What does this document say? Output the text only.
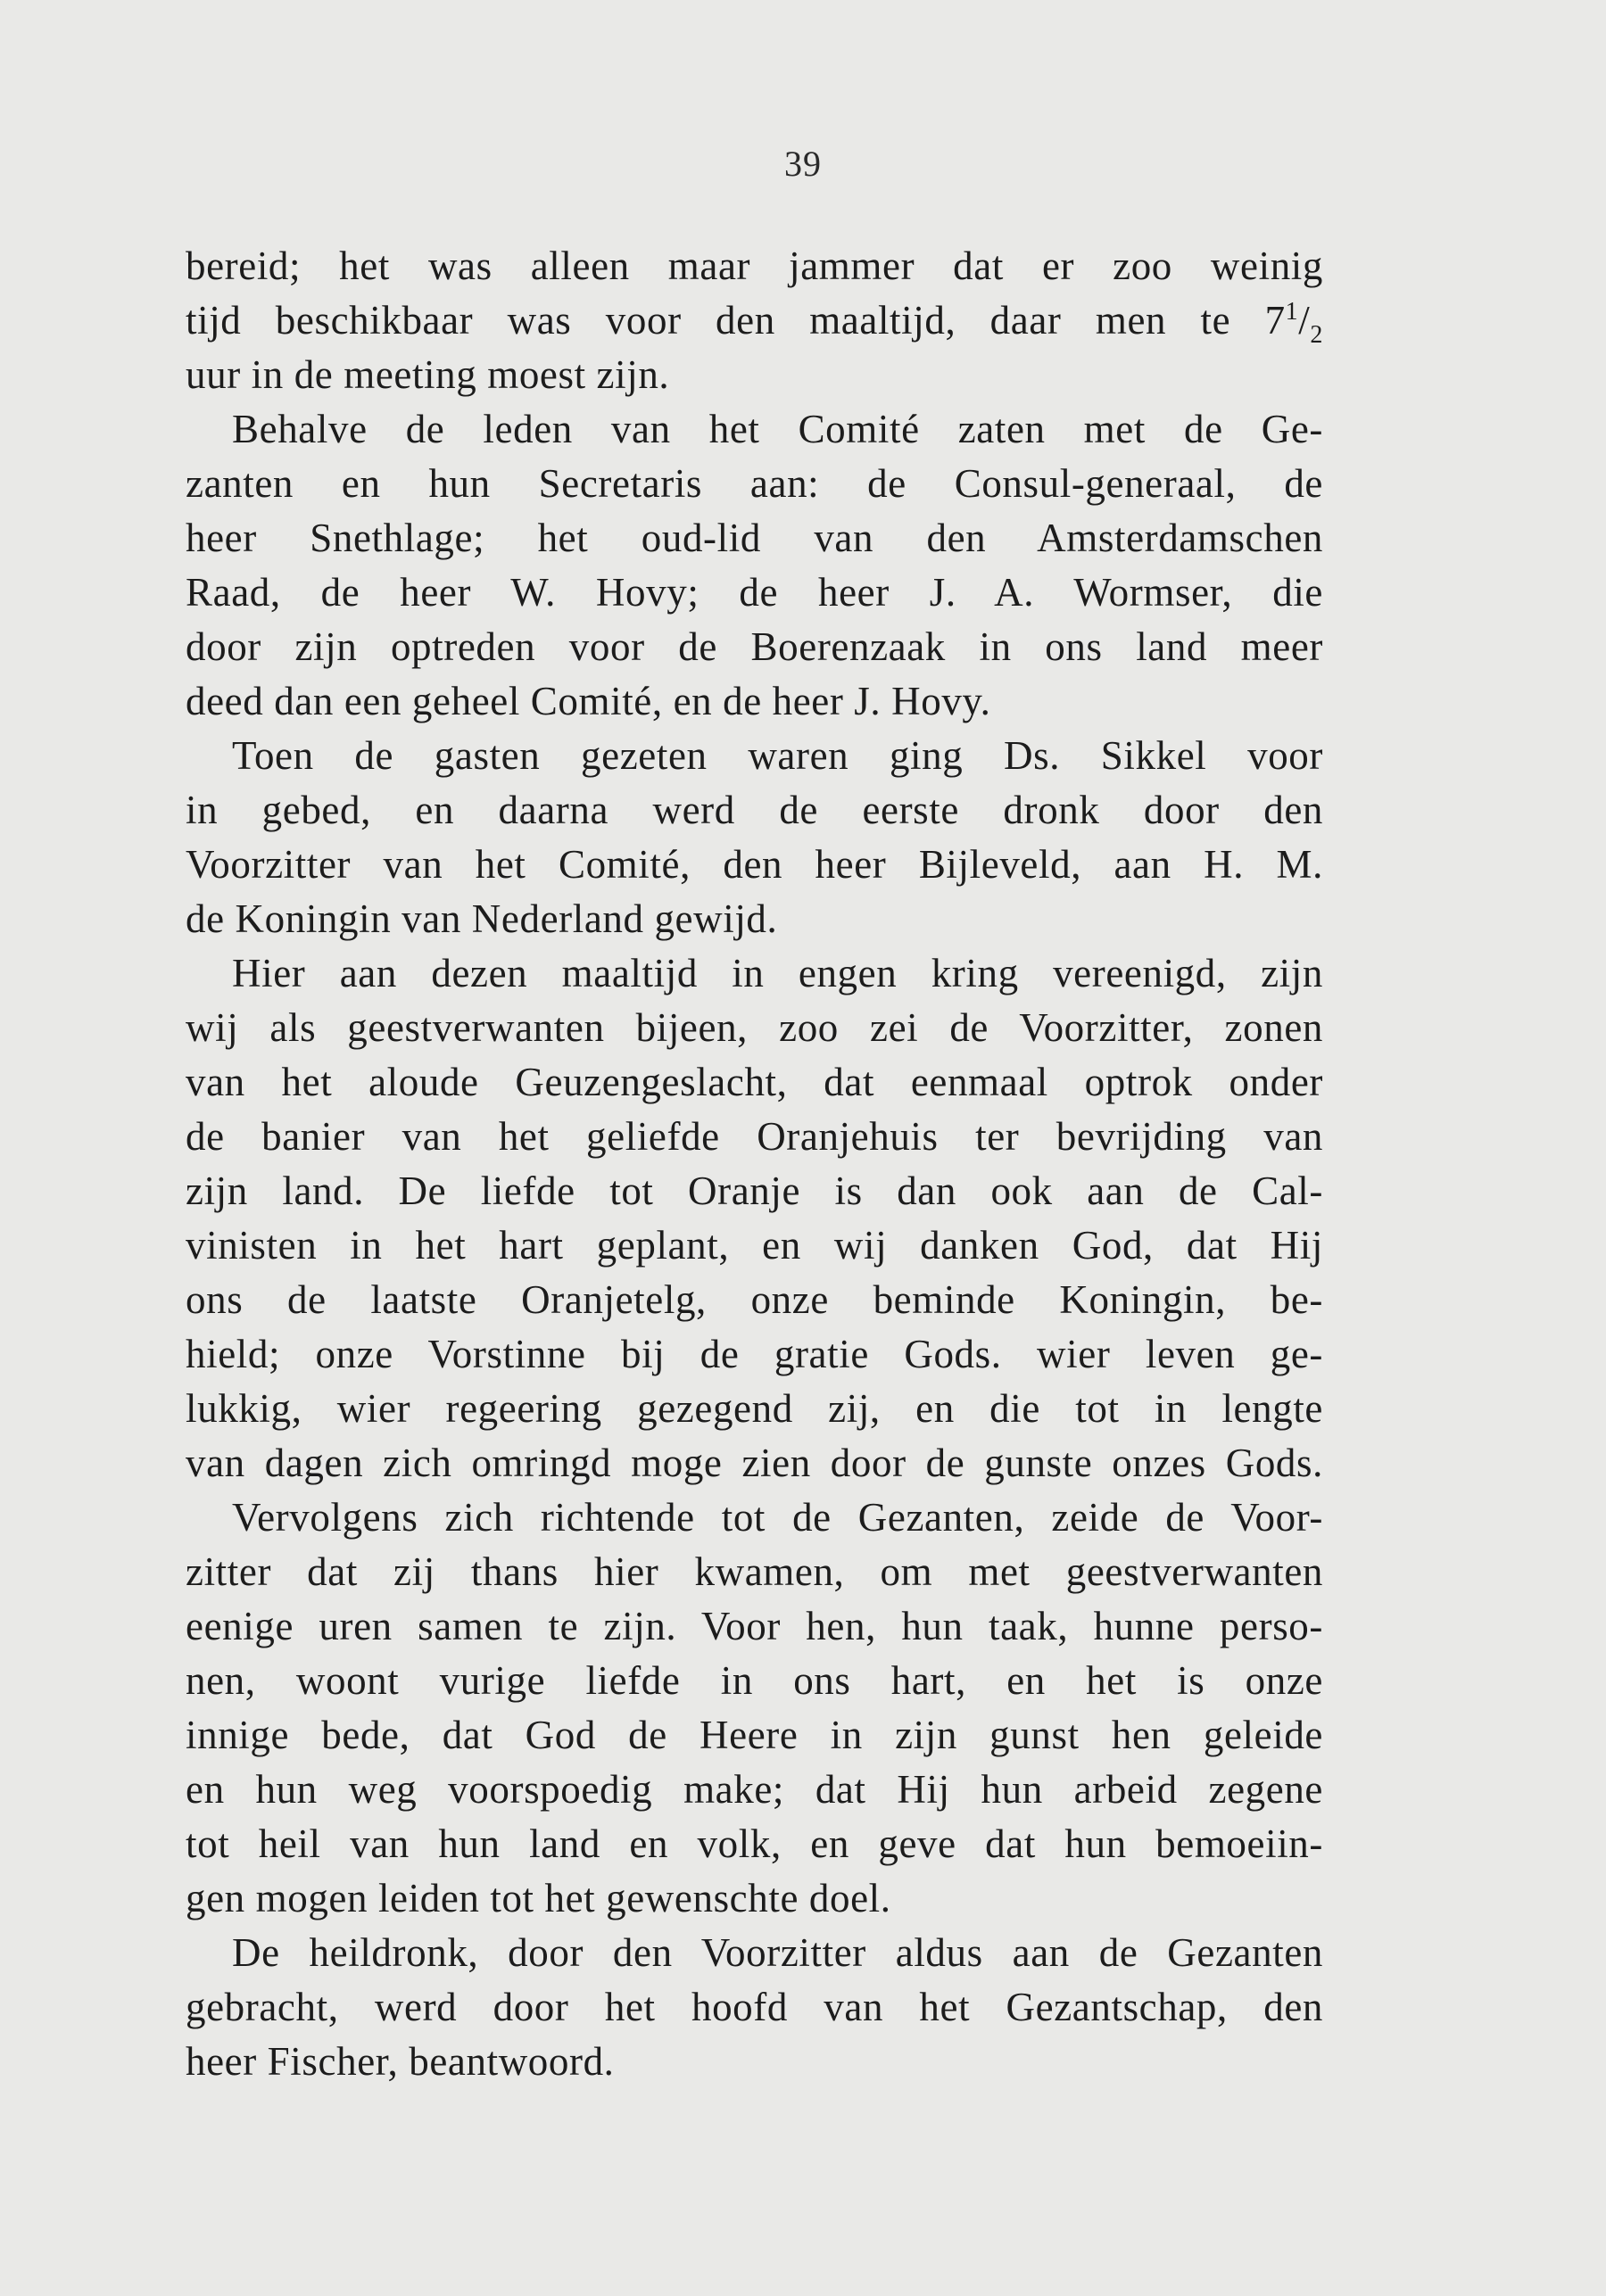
39
bereid; het was alleen maar jammer dat er zoo weinig
tijd beschikbaar was voor den maaltijd, daar men te $7^1/_2$
uur in de meeting moest zijn.
Behalve de leden van het Comité zaten met de Ge-
zanten en hun Secretaris aan: de Consul-generaal, de
heer Snethlage; het oud-lid van den Amsterdamschen
Raad, de heer W. Hovy; de heer J. A. Wormser, die
door zijn optreden voor de Boerenzaak in ons land meer
deed dan een geheel Comité, en de heer J. Hovy.
Toen de gasten gezeten waren ging Ds. Sikkel voor
in gebed, en daarna werd de eerste dronk door den
Voorzitter van het Comité, den heer Bijleveld, aan H. M.
de Koningin van Nederland gewijd.
Hier aan dezen maaltijd in engen kring vereenigd, zijn
wij als geestverwanten bijeen, zoo zei de Voorzitter, zonen
van het aloude Geuzengeslacht, dat eenmaal optrok onder
de banier van het geliefde Oranjehuis ter bevrijding van
zijn land. De liefde tot Oranje is dan ook aan de Cal-
vinisten in het hart geplant, en wij danken God, dat Hij
ons de laatste Oranjetelg, onze beminde Koningin, be-
hield; onze Vorstinne bij de gratie Gods. wier leven ge-
lukkig, wier regeering gezegend zij, en die tot in lengte
van dagen zich omringd moge zien door de gunste onzes Gods.
Vervolgens zich richtende tot de Gezanten, zeide de Voor-
zitter dat zij thans hier kwamen, om met geestverwanten
eenige uren samen te zijn. Voor hen, hun taak, hunne perso-
nen, woont vurige liefde in ons hart, en het is onze
innige bede, dat God de Heere in zijn gunst hen geleide
en hun weg voorspoedig make; dat Hij hun arbeid zegene
tot heil van hun land en volk, en geve dat hun bemoeiin-
gen mogen leiden tot het gewenschte doel.
De heildronk, door den Voorzitter aldus aan de Gezanten
gebracht, werd door het hoofd van het Gezantschap, den
heer Fischer, beantwoord.
